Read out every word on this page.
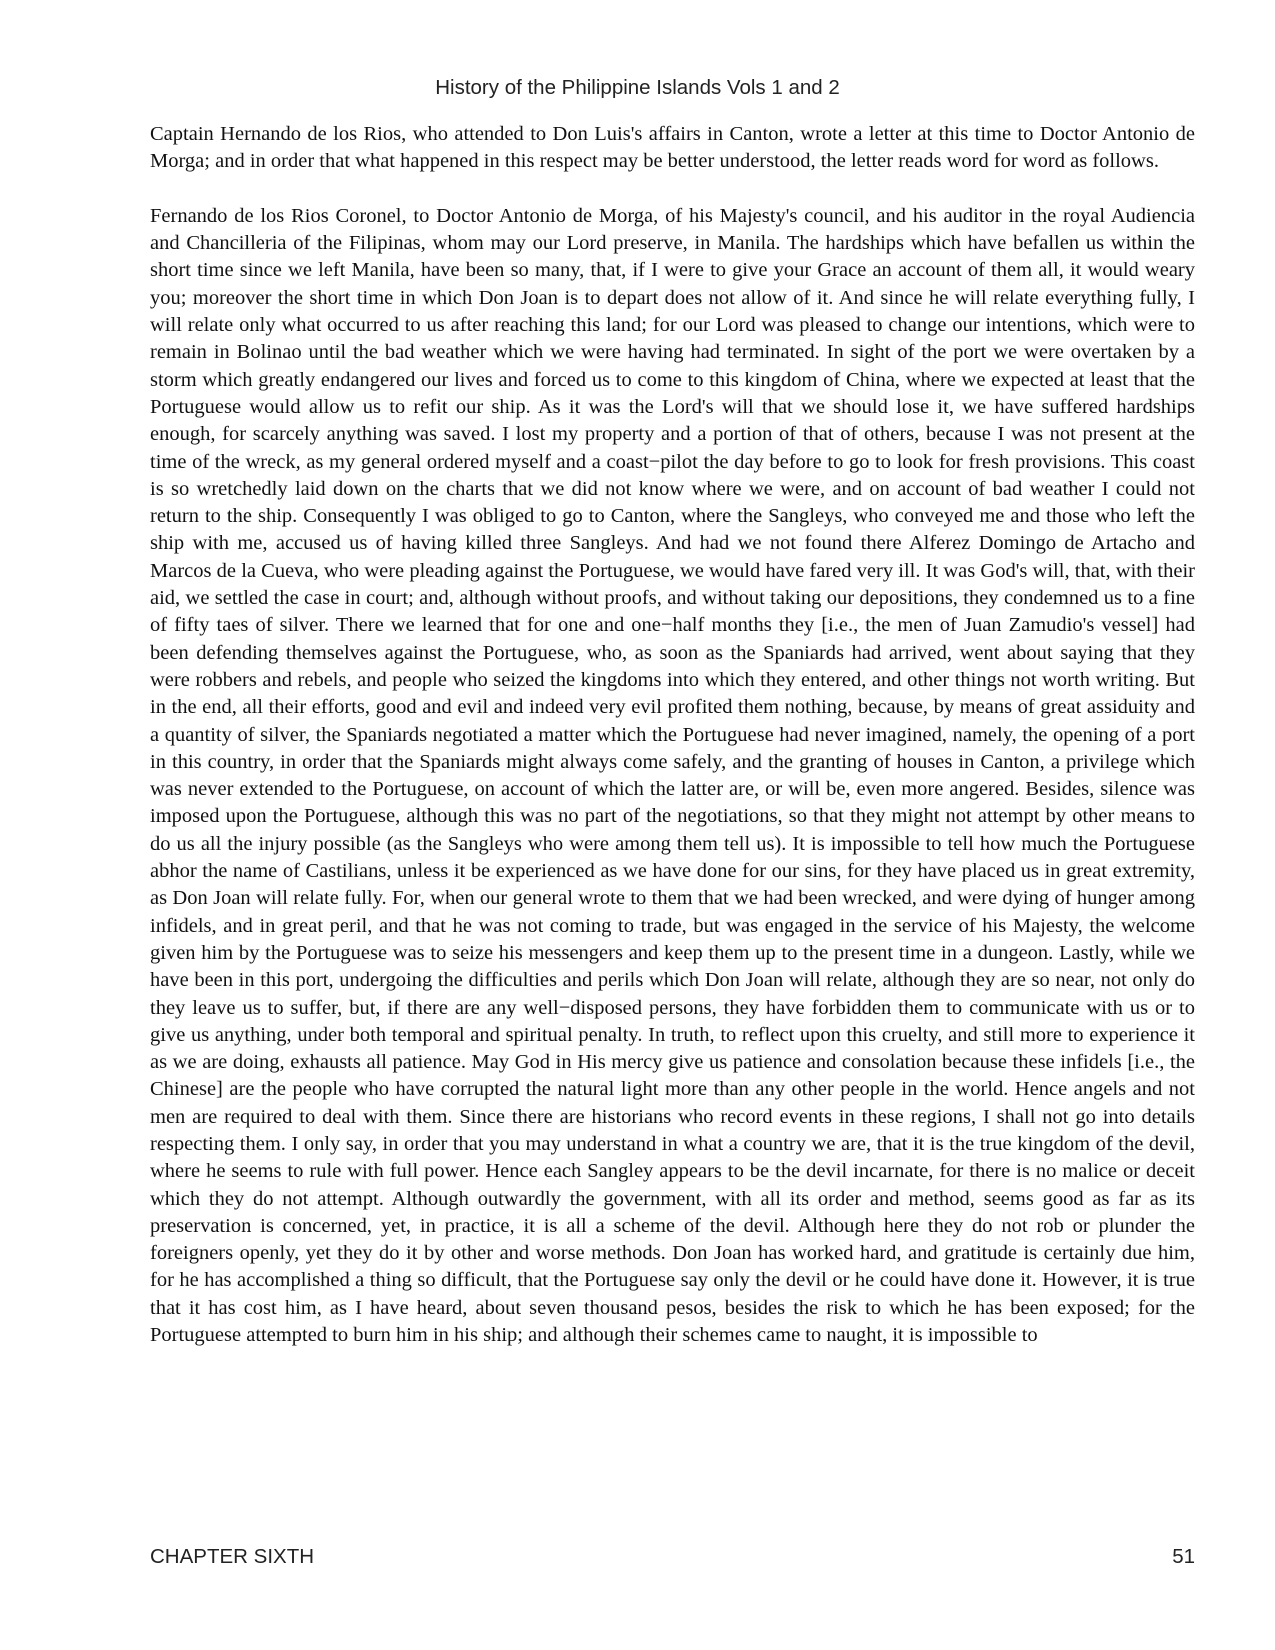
History of the Philippine Islands Vols 1 and 2

Captain Hernando de los Rios, who attended to Don Luis's affairs in Canton, wrote a letter at this time to Doctor Antonio de Morga; and in order that what happened in this respect may be better understood, the letter reads word for word as follows.

Fernando de los Rios Coronel, to Doctor Antonio de Morga, of his Majesty's council, and his auditor in the royal Audiencia and Chancilleria of the Filipinas, whom may our Lord preserve, in Manila. The hardships which have befallen us within the short time since we left Manila, have been so many, that, if I were to give your Grace an account of them all, it would weary you; moreover the short time in which Don Joan is to depart does not allow of it. And since he will relate everything fully, I will relate only what occurred to us after reaching this land; for our Lord was pleased to change our intentions, which were to remain in Bolinao until the bad weather which we were having had terminated. In sight of the port we were overtaken by a storm which greatly endangered our lives and forced us to come to this kingdom of China, where we expected at least that the Portuguese would allow us to refit our ship. As it was the Lord's will that we should lose it, we have suffered hardships enough, for scarcely anything was saved. I lost my property and a portion of that of others, because I was not present at the time of the wreck, as my general ordered myself and a coast−pilot the day before to go to look for fresh provisions. This coast is so wretchedly laid down on the charts that we did not know where we were, and on account of bad weather I could not return to the ship. Consequently I was obliged to go to Canton, where the Sangleys, who conveyed me and those who left the ship with me, accused us of having killed three Sangleys. And had we not found there Alferez Domingo de Artacho and Marcos de la Cueva, who were pleading against the Portuguese, we would have fared very ill. It was God's will, that, with their aid, we settled the case in court; and, although without proofs, and without taking our depositions, they condemned us to a fine of fifty taes of silver. There we learned that for one and one−half months they [i.e., the men of Juan Zamudio's vessel] had been defending themselves against the Portuguese, who, as soon as the Spaniards had arrived, went about saying that they were robbers and rebels, and people who seized the kingdoms into which they entered, and other things not worth writing. But in the end, all their efforts, good and evil and indeed very evil profited them nothing, because, by means of great assiduity and a quantity of silver, the Spaniards negotiated a matter which the Portuguese had never imagined, namely, the opening of a port in this country, in order that the Spaniards might always come safely, and the granting of houses in Canton, a privilege which was never extended to the Portuguese, on account of which the latter are, or will be, even more angered. Besides, silence was imposed upon the Portuguese, although this was no part of the negotiations, so that they might not attempt by other means to do us all the injury possible (as the Sangleys who were among them tell us). It is impossible to tell how much the Portuguese abhor the name of Castilians, unless it be experienced as we have done for our sins, for they have placed us in great extremity, as Don Joan will relate fully. For, when our general wrote to them that we had been wrecked, and were dying of hunger among infidels, and in great peril, and that he was not coming to trade, but was engaged in the service of his Majesty, the welcome given him by the Portuguese was to seize his messengers and keep them up to the present time in a dungeon. Lastly, while we have been in this port, undergoing the difficulties and perils which Don Joan will relate, although they are so near, not only do they leave us to suffer, but, if there are any well−disposed persons, they have forbidden them to communicate with us or to give us anything, under both temporal and spiritual penalty. In truth, to reflect upon this cruelty, and still more to experience it as we are doing, exhausts all patience. May God in His mercy give us patience and consolation because these infidels [i.e., the Chinese] are the people who have corrupted the natural light more than any other people in the world. Hence angels and not men are required to deal with them. Since there are historians who record events in these regions, I shall not go into details respecting them. I only say, in order that you may understand in what a country we are, that it is the true kingdom of the devil, where he seems to rule with full power. Hence each Sangley appears to be the devil incarnate, for there is no malice or deceit which they do not attempt. Although outwardly the government, with all its order and method, seems good as far as its preservation is concerned, yet, in practice, it is all a scheme of the devil. Although here they do not rob or plunder the foreigners openly, yet they do it by other and worse methods. Don Joan has worked hard, and gratitude is certainly due him, for he has accomplished a thing so difficult, that the Portuguese say only the devil or he could have done it. However, it is true that it has cost him, as I have heard, about seven thousand pesos, besides the risk to which he has been exposed; for the Portuguese attempted to burn him in his ship; and although their schemes came to naught, it is impossible to

CHAPTER SIXTH	51
